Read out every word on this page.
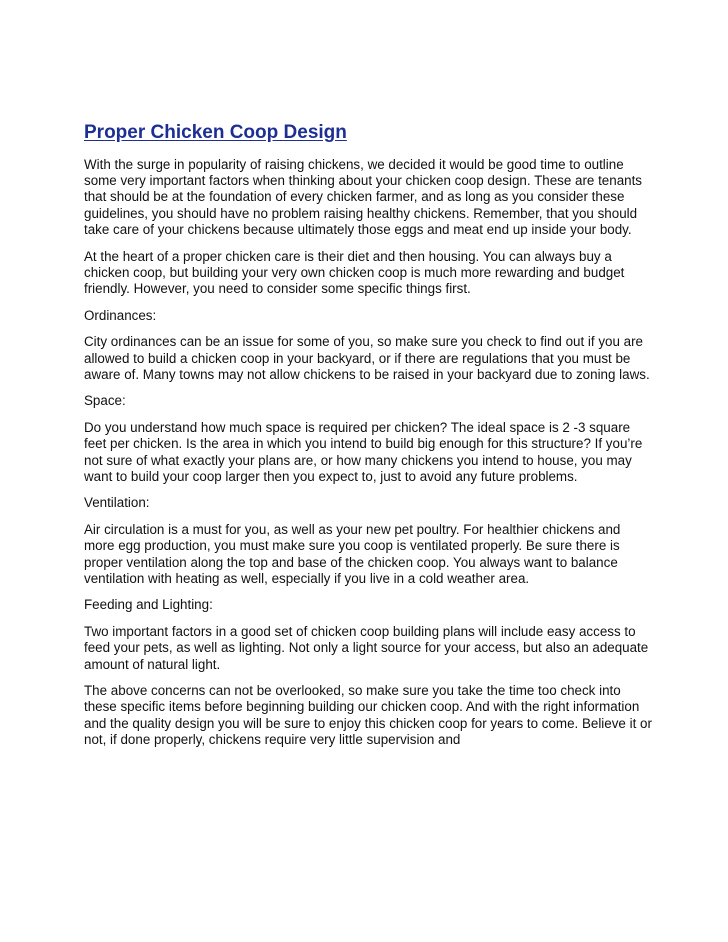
Proper Chicken Coop Design

With the surge in popularity of raising chickens, we decided it would be good time to outline some very important factors when thinking about your chicken coop design. These are tenants that should be at the foundation of every chicken farmer, and as long as you consider these guidelines, you should have no problem raising healthy chickens. Remember, that you should take care of your chickens because ultimately those eggs and meat end up inside your body.

At the heart of a proper chicken care is their diet and then housing. You can always buy a chicken coop, but building your very own chicken coop is much more rewarding and budget friendly. However, you need to consider some specific things first.

Ordinances:

City ordinances can be an issue for some of you, so make sure you check to find out if you are allowed to build a chicken coop in your backyard, or if there are regulations that you must be aware of. Many towns may not allow chickens to be raised in your backyard due to zoning laws.

Space:

Do you understand how much space is required per chicken? The ideal space is 2 -3 square feet per chicken. Is the area in which you intend to build big enough for this structure? If you’re not sure of what exactly your plans are, or how many chickens you intend to house, you may want to build your coop larger then you expect to, just to avoid any future problems.

Ventilation:

Air circulation is a must for you, as well as your new pet poultry. For healthier chickens and more egg production, you must make sure you coop is ventilated properly. Be sure there is proper ventilation along the top and base of the chicken coop. You always want to balance ventilation with heating as well, especially if you live in a cold weather area.

Feeding and Lighting:

Two important factors in a good set of chicken coop building plans will include easy access to feed your pets, as well as lighting. Not only a light source for your access, but also an adequate amount of natural light.

The above concerns can not be overlooked, so make sure you take the time too check into these specific items before beginning building our chicken coop. And with the right information and the quality design you will be sure to enjoy this chicken coop for years to come. Believe it or not, if done properly, chickens require very little supervision and
